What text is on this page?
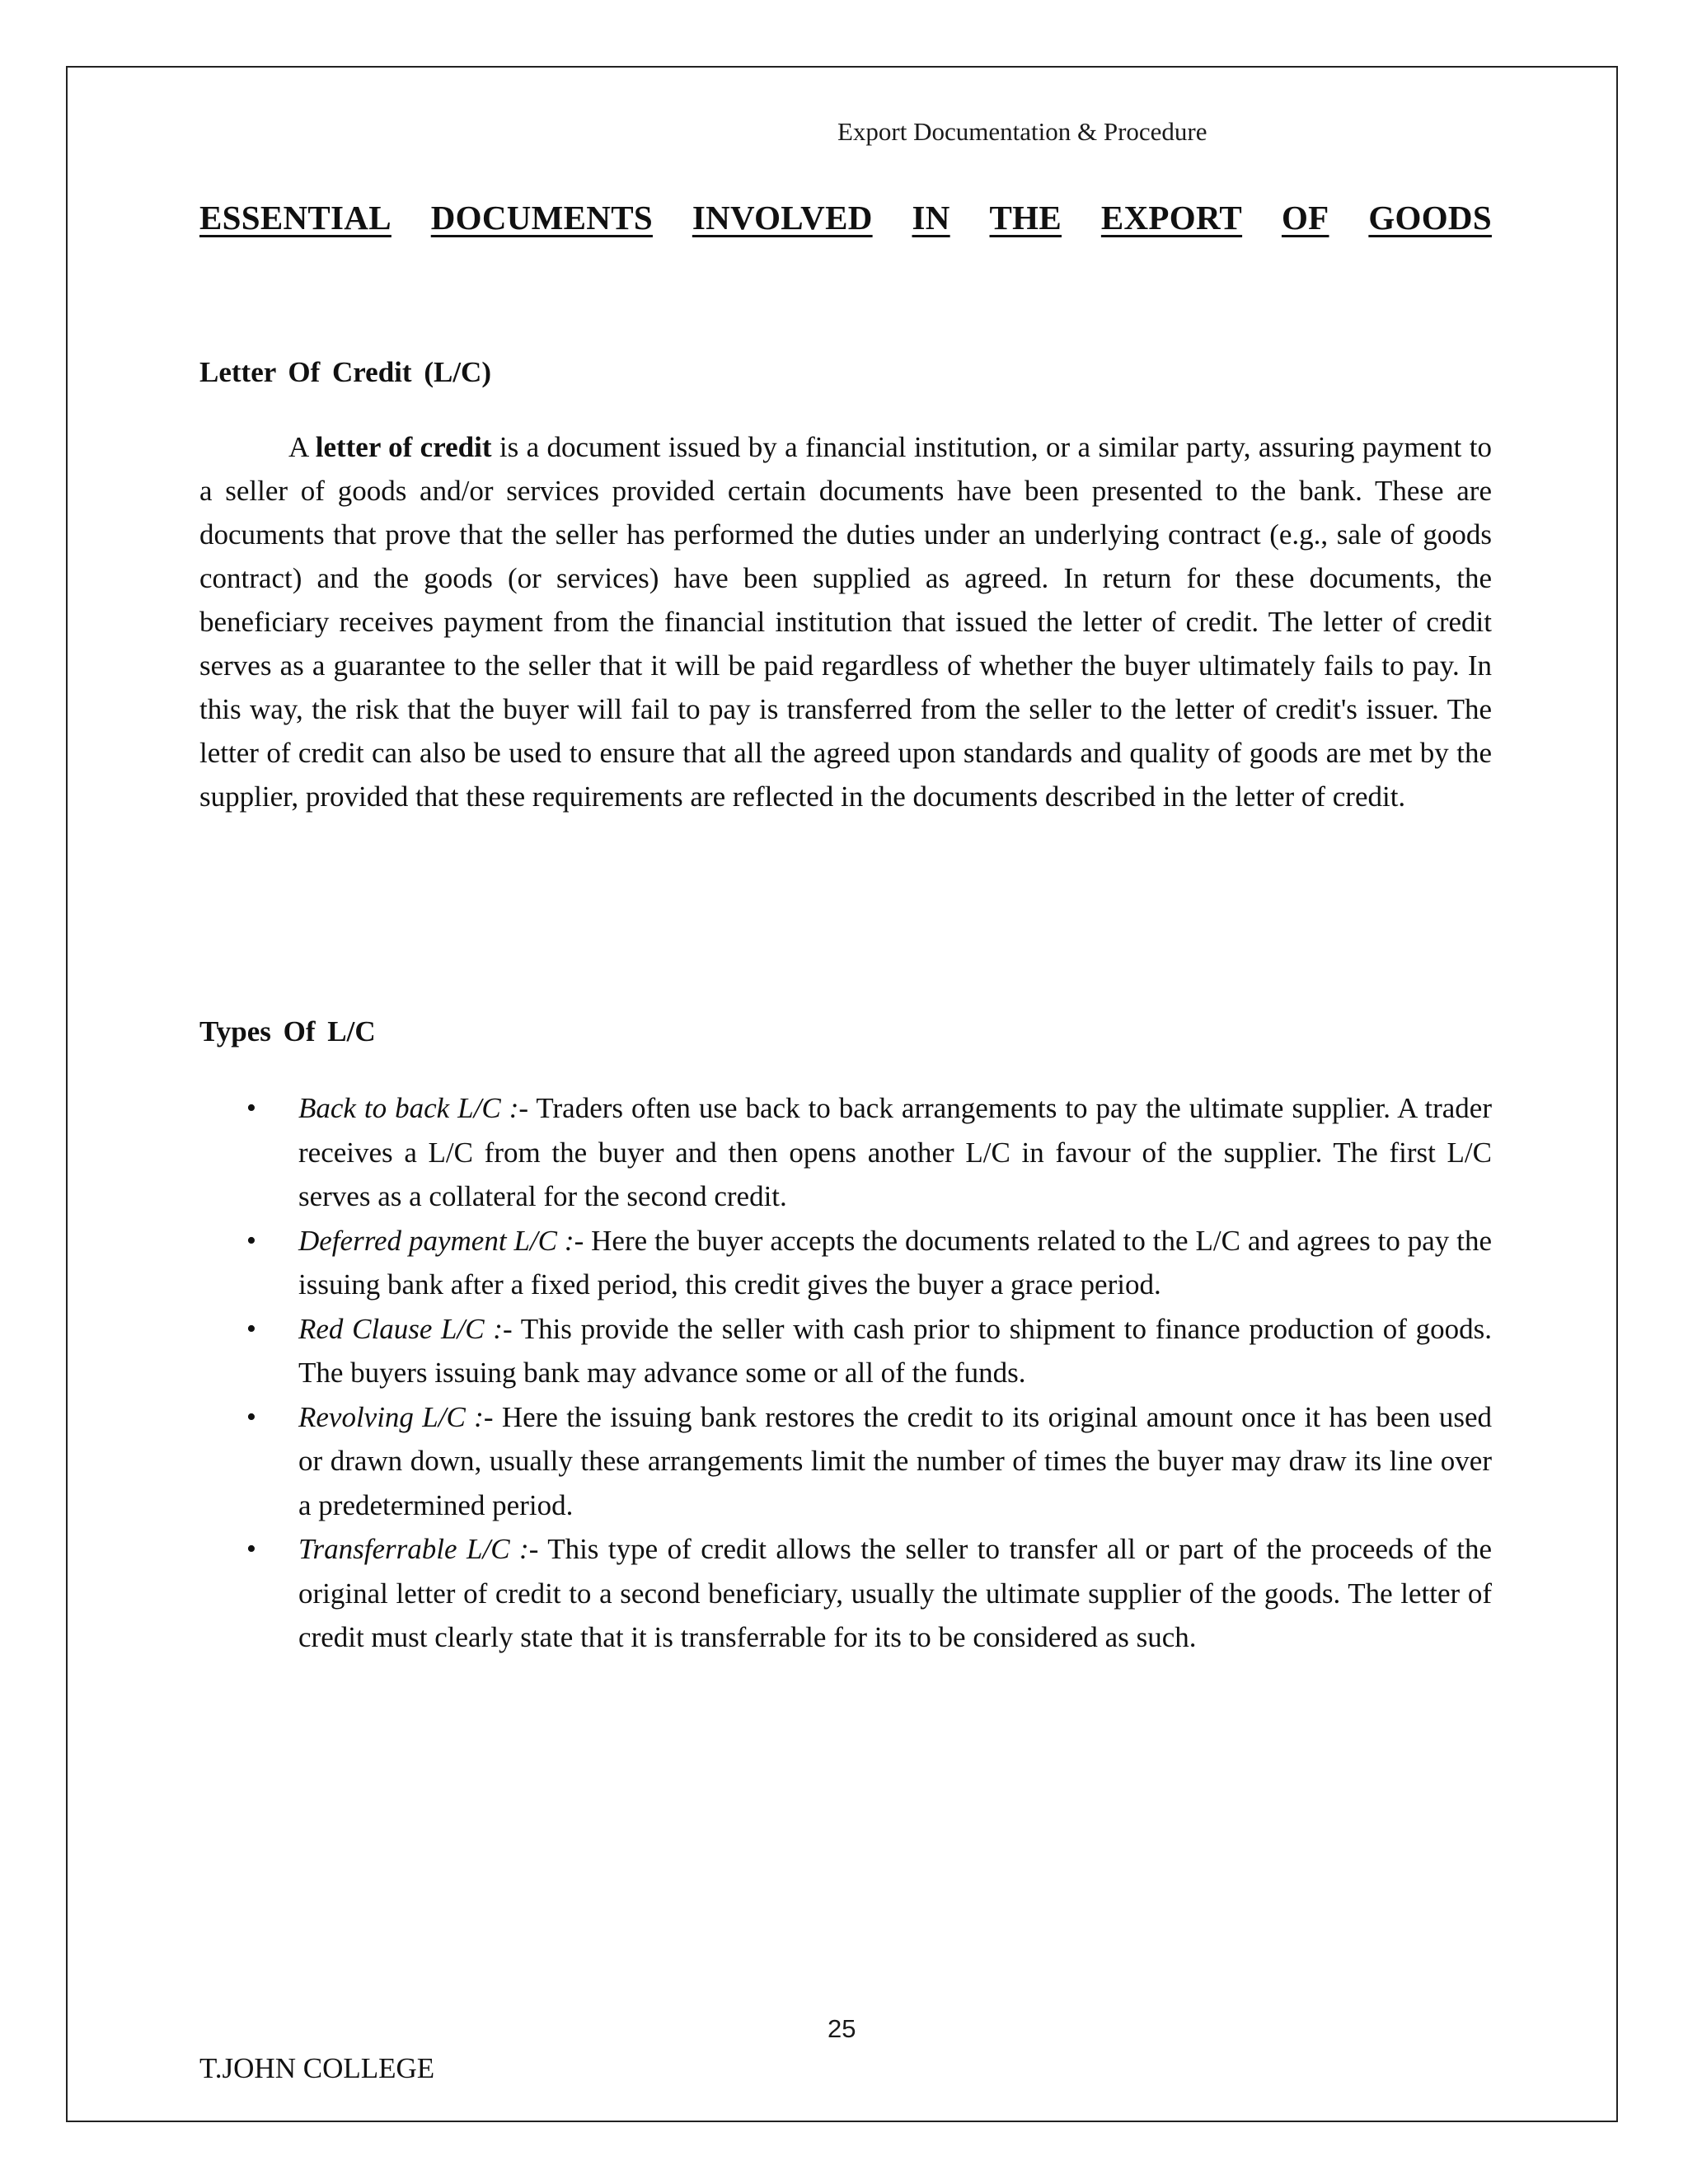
Export Documentation & Procedure
ESSENTIAL DOCUMENTS INVOLVED IN THE EXPORT OF GOODS
Letter Of Credit (L/C)

A letter of credit is a document issued by a financial institution, or a similar party, assuring payment to a seller of goods and/or services provided certain documents have been presented to the bank. These are documents that prove that the seller has performed the duties under an underlying contract (e.g., sale of goods contract) and the goods (or services) have been supplied as agreed. In return for these documents, the beneficiary receives payment from the financial institution that issued the letter of credit. The letter of credit serves as a guarantee to the seller that it will be paid regardless of whether the buyer ultimately fails to pay. In this way, the risk that the buyer will fail to pay is transferred from the seller to the letter of credit's issuer. The letter of credit can also be used to ensure that all the agreed upon standards and quality of goods are met by the supplier, provided that these requirements are reflected in the documents described in the letter of credit.

Types Of L/C
• Back to back L/C :- Traders often use back to back arrangements to pay the ultimate supplier. A trader receives a L/C from the buyer and then opens another L/C in favour of the supplier. The first L/C serves as a collateral for the second credit.
• Deferred payment L/C :- Here the buyer accepts the documents related to the L/C and agrees to pay the issuing bank after a fixed period, this credit gives the buyer a grace period.
• Red Clause L/C :- This provide the seller with cash prior to shipment to finance production of goods. The buyers issuing bank may advance some or all of the funds.
• Revolving L/C :- Here the issuing bank restores the credit to its original amount once it has been used or drawn down, usually these arrangements limit the number of times the buyer may draw its line over a predetermined period.
• Transferrable L/C :- This type of credit allows the seller to transfer all or part of the proceeds of the original letter of credit to a second beneficiary, usually the ultimate supplier of the goods. The letter of credit must clearly state that it is transferrable for its to be considered as such.
25
T.JOHN COLLEGE
